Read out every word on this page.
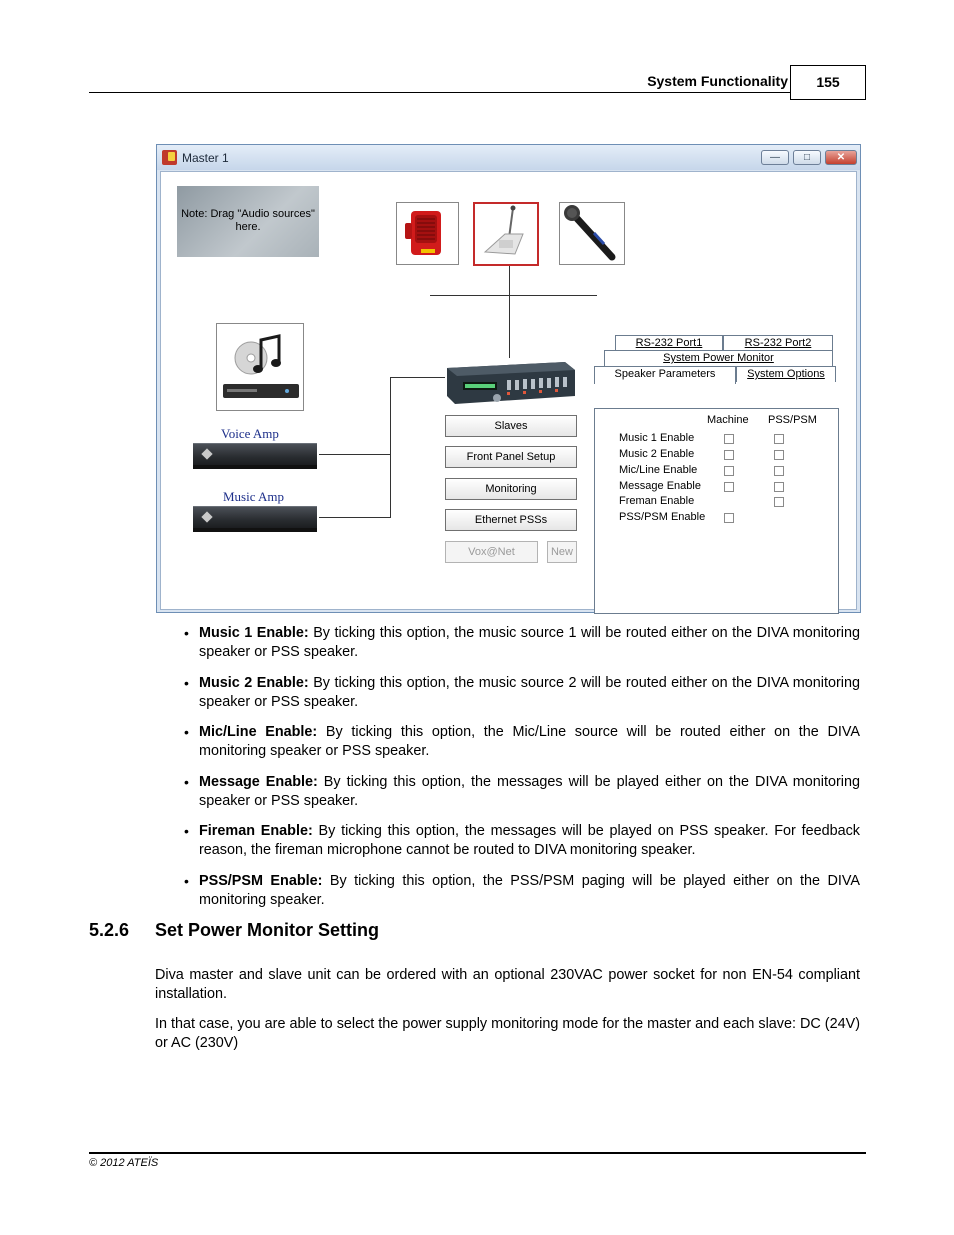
System Functionality	155
Master 1	—	□	✕
Note: Drag "Audio sources" here.
Voice Amp
Music Amp
Slaves
Front Panel Setup
Monitoring
Ethernet PSSs
Vox@Net	New
RS-232 Port1	RS-232 Port2
System Power Monitor
Speaker Parameters	System Options
Machine PSS/PSM
Music 1 Enable
Music 2 Enable
Mic/Line Enable
Message Enable
Freman Enable
PSS/PSM Enable
• Music 1 Enable: By ticking this option, the music source 1 will be routed either on the DIVA monitoring speaker or PSS speaker.
• Music 2 Enable: By ticking this option, the music source 2 will be routed either on the DIVA monitoring speaker or PSS speaker.
• Mic/Line Enable: By ticking this option, the Mic/Line source will be routed either on the DIVA monitoring speaker or PSS speaker.
• Message Enable: By ticking this option, the messages will be played either on the DIVA monitoring speaker or PSS speaker.
• Fireman Enable: By ticking this option, the messages will be played on PSS speaker. For feedback reason, the fireman microphone cannot be routed to DIVA monitoring speaker.
• PSS/PSM Enable: By ticking this option, the PSS/PSM paging will be played either on the DIVA monitoring speaker.
5.2.6 Set Power Monitor Setting
Diva master and slave unit can be ordered with an optional 230VAC power socket for non EN-54 compliant installation.
In that case, you are able to select the power supply monitoring mode for the master and each slave: DC (24V) or AC (230V)
© 2012 ATEÏS
